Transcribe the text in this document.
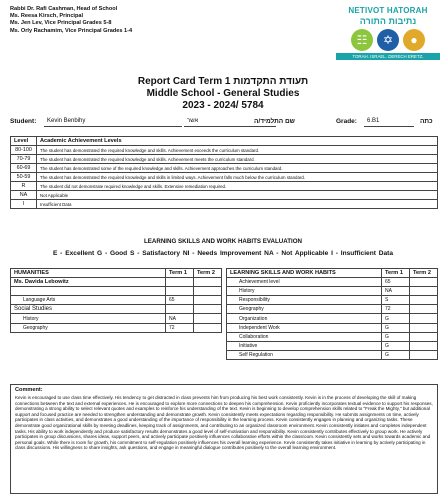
Rabbi Dr. Rafi Cashman, Head of School
Ms. Reesa Kirsch, Principal
Ms. Jen Lev, Vice Principal Grades 5-8
Ms. Orly Rachamim, Vice Principal Grades 1-4
NETIVOT HATORAH
נתיבות התורה
☷	✡	●
TORAH. ISRAEL. DERECH ERETZ.
Report Card Term 1 תעודת התקדמות
Middle School - General Studies
2023 - 2024/ 5784
Student:	Kevin Benbihy	אשר	שם התלמיד/ה	Grade:	6.B1	כתה
Level	Academic Achievement Levels
80-100	The student has demonstrated the required knowledge and skills. Achievement exceeds the curriculum standard.
70-79	The student has demonstrated the required knowledge and skills. Achievement meets the curriculum standard.
60-69	The student has demonstrated some of the required knowledge and skills. Achievement approaches the curriculum standard.
50-59	The student has demonstrated the required knowledge and skills in limited ways. Achievement falls much below the curriculum standard.
R	The student did not demonstrate required knowledge and skills. Extensive remediation required.
NA	Not Applicable
I	Insufficient Data
LEARNING SKILLS AND WORK HABITS EVALUATION
E - Excellent G - Good S - Satisfactory NI - Needs Improvement NA - Not Applicable I - Insufficient Data
HUMANITIES	Term 1	Term 2
Ms. Davida Lebowitz		

Language Arts	65	
Social Studies		
History	NA	
Geography	72	
LEARNING SKILLS AND WORK HABITS	Term 1	Term 2
Achievement level	65	
History	NA	
Responsibility	S	
Geography	72	
Organization	G	
Independent Work	G	
Collaboration	G	
Initiative	G	
Self Regulation	G	
Comment:
Kevin is encouraged to use class time effectively. His tendency to get distracted in class prevents him from producing his best work consistently. Kevin is in the process of developing the skill of making connections between the text and external experiences. He is encouraged to explore more connections to deepen his comprehension. Kevin proficiently incorporates textual evidence to support his responses, demonstrating a strong ability to select relevant quotes and examples to reinforce his understanding of the text. Kevin is beginning to develop comprehension skills related to "Freak the Mighty," but additional support and focused practice are needed to strengthen understanding and demonstrate growth. Kevin consistently meets expectations regarding responsibility. He submits assignments on time, actively participates in class activities, and demonstrates a good understanding of the importance of responsibility in the learning process. Kevin consistently engages in planning and organizing tasks. These demonstrate good organizational skills by meeting deadlines, keeping track of assignments, and contributing to an organized classroom environment. Kevin consistently initiates and completes independent tasks. His ability to work independently and produce satisfactory results demonstrates a good level of self-motivation and responsibility. Kevin consistently contributes effectively to group work. He actively participates in group discussions, shares ideas, support peers, and actively participate positively influences collaborative efforts within the classroom. Kevin consistently sets and works towards academic and personal goals. While there is room for growth, his commitment to self-regulation positively influences his overall learning experience. Kevin consistently takes initiative in learning by actively participating in class discussions. His willingness to share insights, ask questions, and engage in meaningful dialogue contributes positively to the overall learning environment.
